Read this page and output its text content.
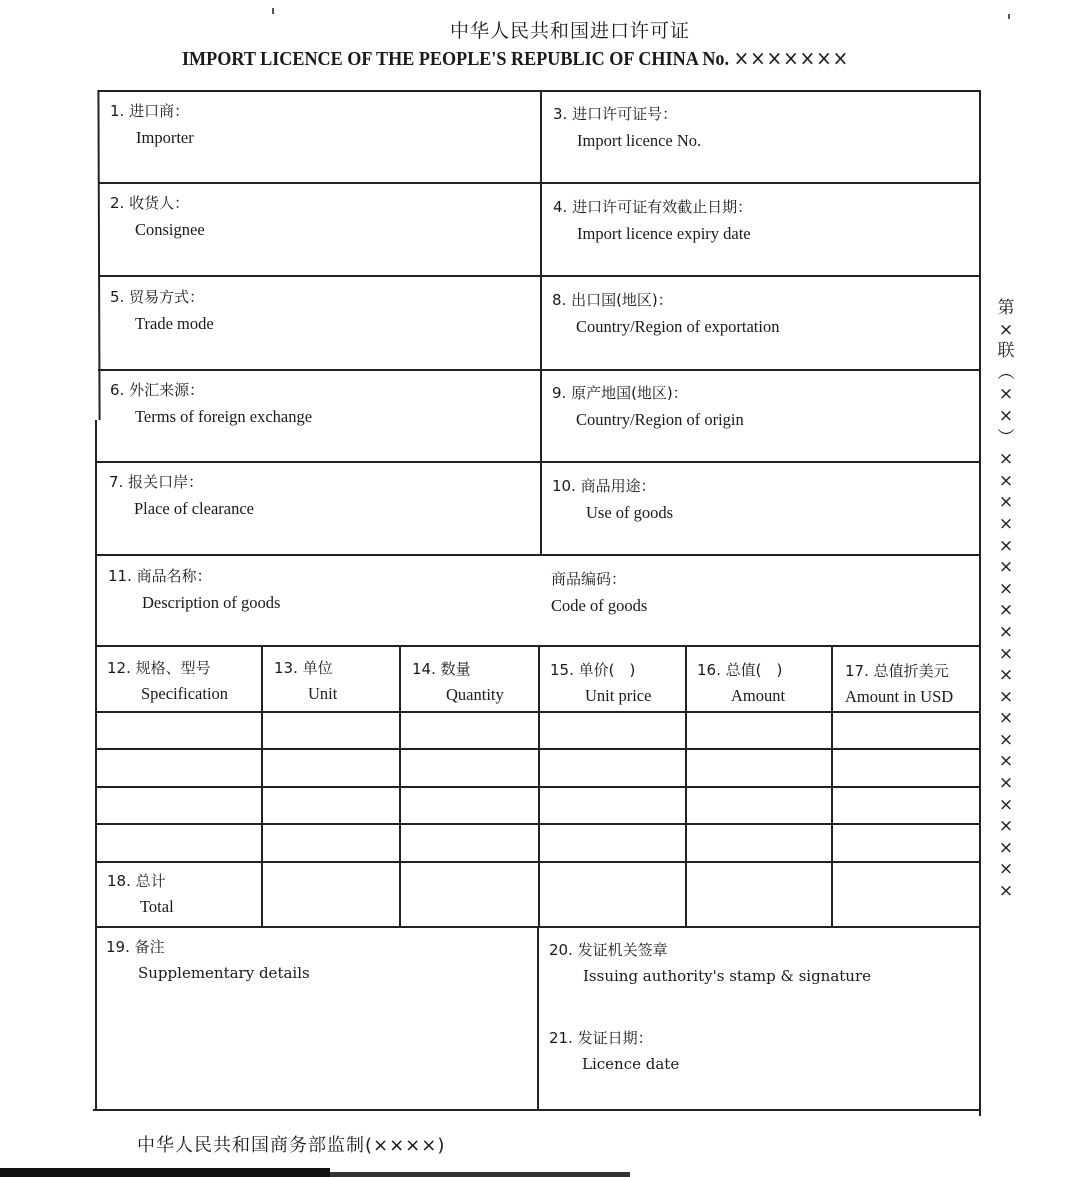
中华人民共和国进口许可证
IMPORT LICENCE OF THE PEOPLE'S REPUBLIC OF CHINA No. ×××××××
1. 进口商：
Importer
3. 进口许可证号：
Import licence No.
2. 收货人：
Consignee
4. 进口许可证有效截止日期：
Import licence expiry date
5. 贸易方式：
Trade mode
8. 出口国(地区)：
Country/Region of exportation
6. 外汇来源：
Terms of foreign exchange
9. 原产地国(地区)：
Country/Region of origin
7. 报关口岸：
Place of clearance
10. 商品用途：
Use of goods
11. 商品名称：
Description of goods
商品编码：
Code of goods
12. 规格、型号
Specification
13. 单位
Unit
14. 数量
Quantity
15. 单价(　)
Unit price
16. 总值(　)
Amount
17. 总值折美元
Amount in USD
18. 总计
Total
19. 备注
Supplementary details
20. 发证机关签章
Issuing authority's stamp & signature
21. 发证日期：
Licence date
第
×
联
︵
×
×
︶
×
×
×
×
×
×
×
×
×
×
×
×
×
×
×
×
×
×
×
×
×
中华人民共和国商务部监制(××××)
